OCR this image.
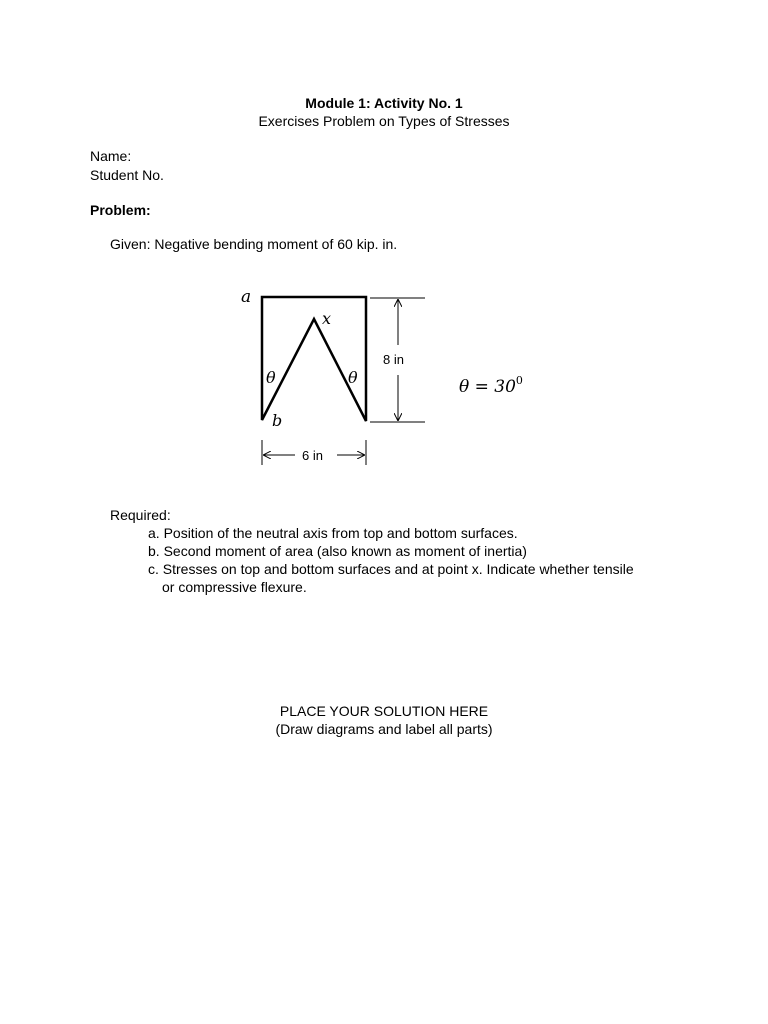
Module 1: Activity No. 1
Exercises Problem on Types of Stresses
Name:
Student No.
Problem:
Given: Negative bending moment of 60 kip. in.
a
b
x
θ	θ
8 in
6 in
$\theta = 30^0$
Required:
a. Position of the neutral axis from top and bottom surfaces.
b. Second moment of area (also known as moment of inertia)
c. Stresses on top and bottom surfaces and at point x. Indicate whether tensile
or compressive flexure.
PLACE YOUR SOLUTION HERE
(Draw diagrams and label all parts)
